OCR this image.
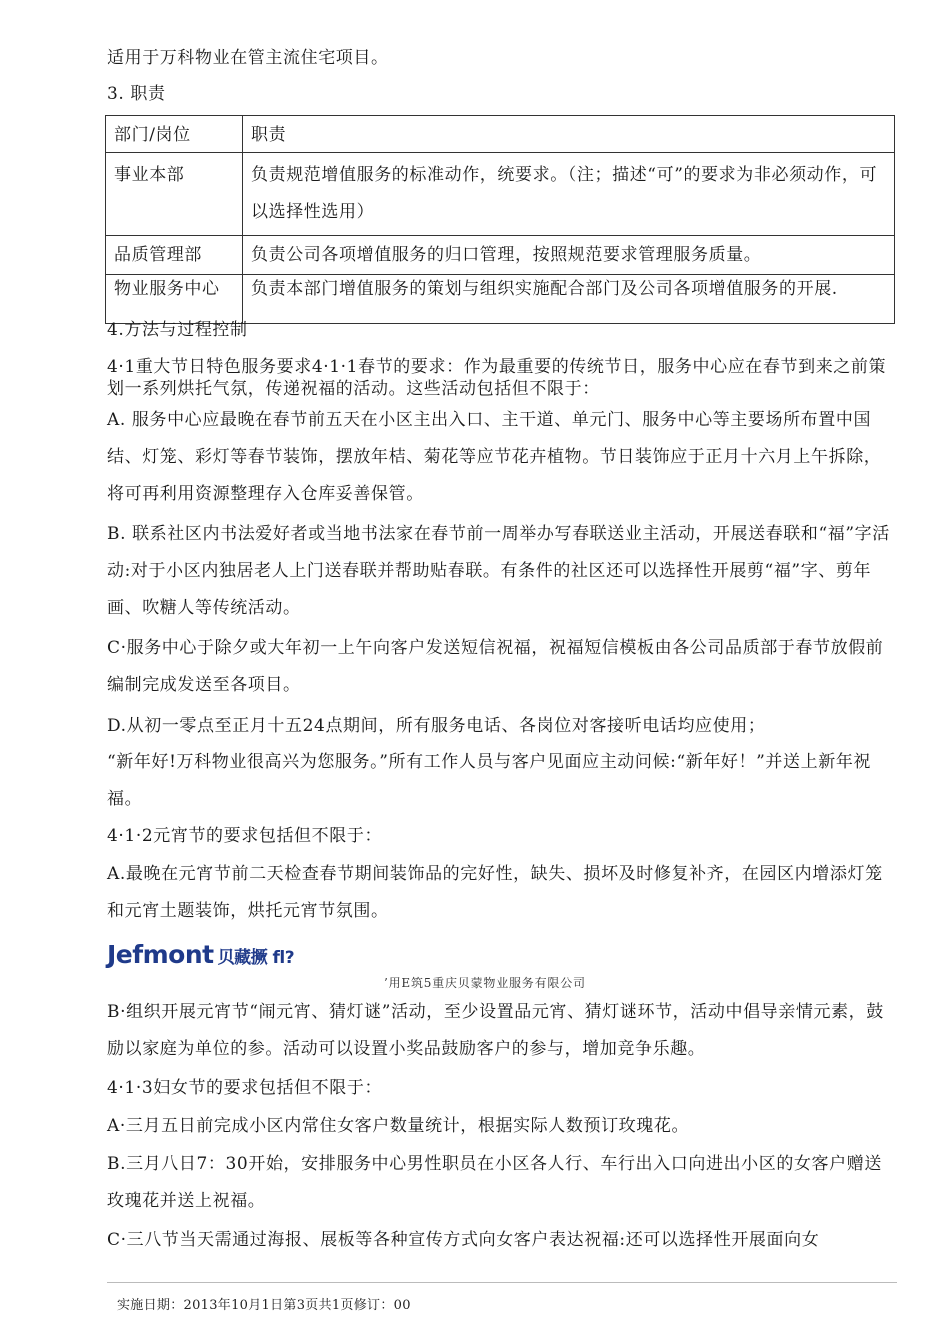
适用于万科物业在管主流住宅项目。

3. 职责

部门/岗位	职责
事业本部	负责规范增值服务的标准动作，统要求。（注；描述“可”的要求为非必须动作，可以选择性选用）
品质管理部	负责公司各项增值服务的归口管理，按照规范要求管理服务质量。
物业服务中心	负责本部门增值服务的策划与组织实施配合部门及公司各项增值服务的开展.

4.方法与过程控制

4·1重大节日特色服务要求4·1·1春节的要求：作为最重要的传统节日，服务中心应在春节到来之前策划一系列烘托气氛，传递祝福的活动。这些活动包括但不限于：

A. 服务中心应最晚在春节前五天在小区主出入口、主干道、单元门、服务中心等主要场所布置中国结、灯笼、彩灯等春节装饰，摆放年桔、菊花等应节花卉植物。节日装饰应于正月十六月上午拆除，将可再利用资源整理存入仓库妥善保管。

B. 联系社区内书法爱好者或当地书法家在春节前一周举办写春联送业主活动，开展送春联和“福”字活动:对于小区内独居老人上门送春联并帮助贴春联。有条件的社区还可以选择性开展剪“福”字、剪年画、吹糖人等传统活动。

C·服务中心于除夕或大年初一上午向客户发送短信祝福，祝福短信模板由各公司品质部于春节放假前编制完成发送至各项目。

D.从初一零点至正月十五24点期间，所有服务电话、各岗位对客接听电话均应使用；

“新年好!万科物业很高兴为您服务。”所有工作人员与客户见面应主动问候:“新年好！”并送上新年祝福。

4·1·2元宵节的要求包括但不限于：

A.最晚在元宵节前二天检查春节期间装饰品的完好性，缺失、损坏及时修复补齐，在园区内增添灯笼和元宵土题装饰，烘托元宵节氛围。

Jefmont 贝藏撅 fl?
’用E筑5重庆贝蒙物业服务有限公司

B·组织开展元宵节“闹元宵、猜灯谜”活动，至少设置品元宵、猜灯谜环节，活动中倡导亲情元素，鼓励以家庭为单位的参。活动可以设置小奖品鼓励客户的参与，增加竞争乐趣。

4·1·3妇女节的要求包括但不限于：

A·三月五日前完成小区内常住女客户数量统计，根据实际人数预订玫瑰花。

B.三月八日7：30开始，安排服务中心男性职员在小区各人行、车行出入口向进出小区的女客户赠送玫瑰花并送上祝福。

C·三八节当天需通过海报、展板等各种宣传方式向女客户表达祝福:还可以选择性开展面向女

实施日期：2013年10月1日第3页共1页修订：00
